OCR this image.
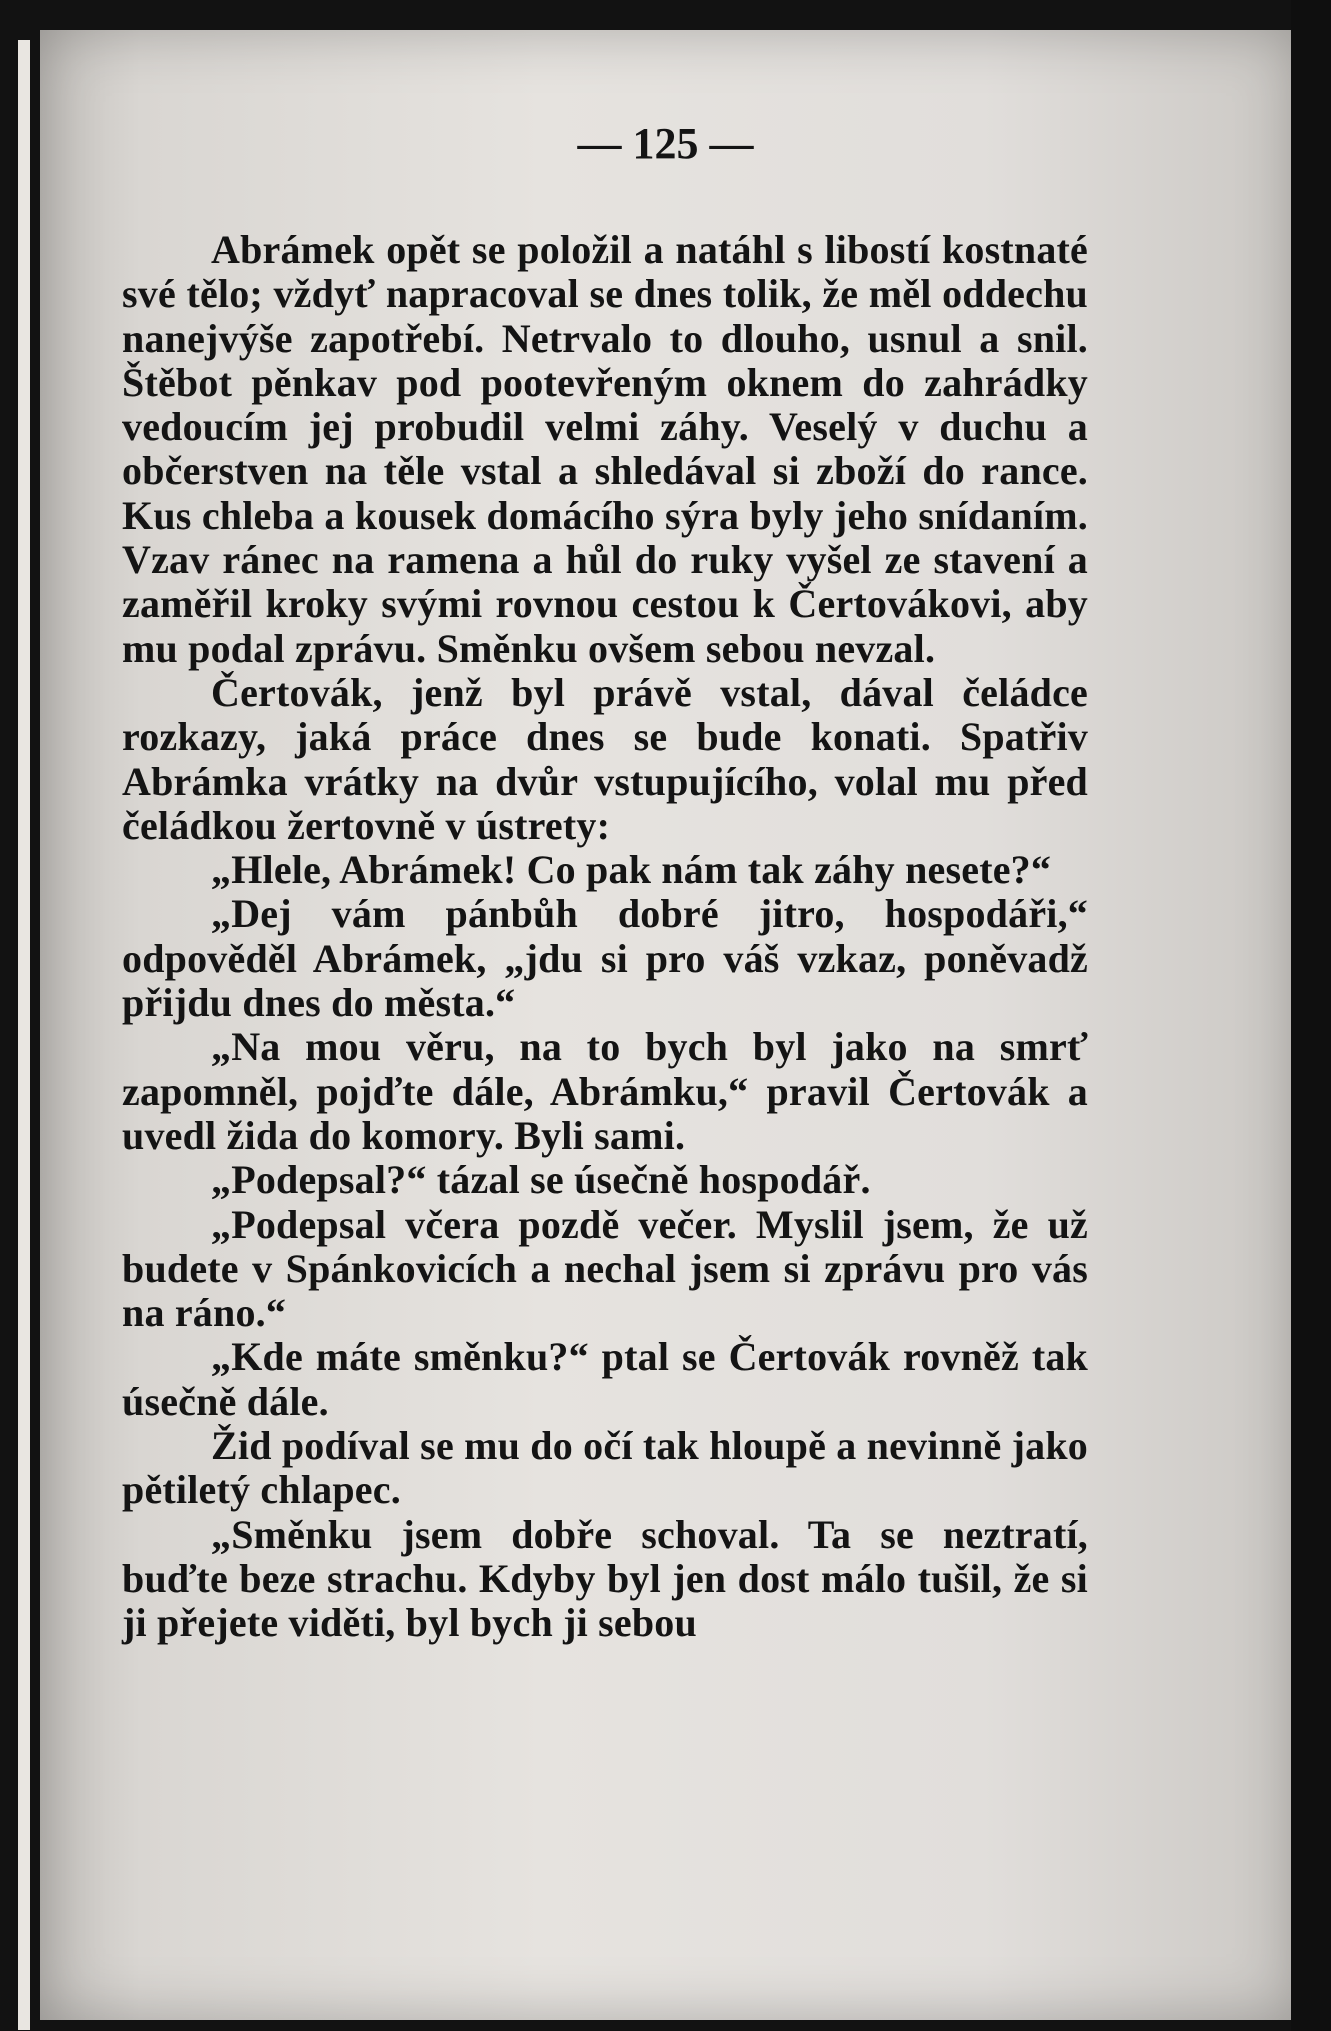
— 125 —

Abrámek opět se položil a natáhl s libostí kostnaté své tělo; vždyť napracoval se dnes tolik, že měl oddechu nanejvýše zapotřebí. Netrvalo to dlouho, usnul a snil. Štěbot pěnkav pod pootevřeným oknem do zahrádky vedoucím jej probudil velmi záhy. Veselý v duchu a občerstven na těle vstal a shledával si zboží do rance. Kus chleba a kousek domácího sýra byly jeho snídaním. Vzav ránec na ramena a hůl do ruky vyšel ze stavení a zaměřil kroky svými rovnou cestou k Čertovákovi, aby mu podal zprávu. Směnku ovšem sebou nevzal.

Čertovák, jenž byl právě vstal, dával čeládce rozkazy, jaká práce dnes se bude konati. Spatřiv Abrámka vrátky na dvůr vstupujícího, volal mu před čeládkou žertovně v ústrety:

„Hlele, Abrámek! Co pak nám tak záhy nesete?“

„Dej vám pánbůh dobré jitro, hospodáři,“ odpověděl Abrámek, „jdu si pro váš vzkaz, poněvadž přijdu dnes do města.“

„Na mou věru, na to bych byl jako na smrť zapomněl, pojďte dále, Abrámku,“ pravil Čertovák a uvedl žida do komory. Byli sami.

„Podepsal?“ tázal se úsečně hospodář.

„Podepsal včera pozdě večer. Myslil jsem, že už budete v Spánkovicích a nechal jsem si zprávu pro vás na ráno.“

„Kde máte směnku?“ ptal se Čertovák rovněž tak úsečně dále.

Žid podíval se mu do očí tak hloupě a nevinně jako pětiletý chlapec.

„Směnku jsem dobře schoval. Ta se neztratí, buďte beze strachu. Kdyby byl jen dost málo tušil, že si ji přejete viděti, byl bych ji sebou
